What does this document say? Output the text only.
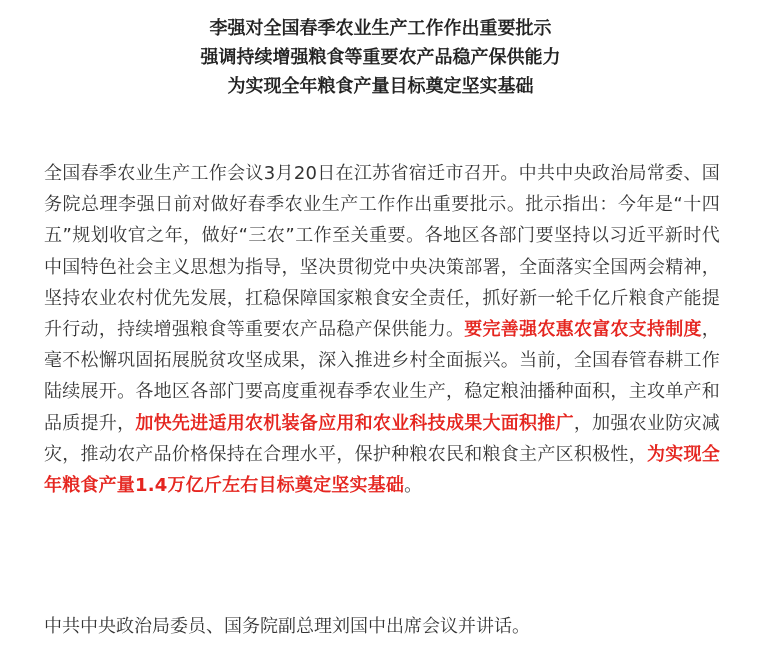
李强对全国春季农业生产工作作出重要批示
强调持续增强粮食等重要农产品稳产保供能力
为实现全年粮食产量目标奠定坚实基础
全国春季农业生产工作会议3月20日在江苏省宿迁市召开。中共中央政治局常委、国务院总理李强日前对做好春季农业生产工作作出重要批示。批示指出：今年是“十四五”规划收官之年，做好“三农”工作至关重要。各地区各部门要坚持以习近平新时代中国特色社会主义思想为指导，坚决贯彻党中央决策部署，全面落实全国两会精神，坚持农业农村优先发展，扛稳保障国家粮食安全责任，抓好新一轮千亿斤粮食产能提升行动，持续增强粮食等重要农产品稳产保供能力。要完善强农惠农富农支持制度，毫不松懈巩固拓展脱贫攻坚成果，深入推进乡村全面振兴。当前，全国春管春耕工作陆续展开。各地区各部门要高度重视春季农业生产，稳定粮油播种面积，主攻单产和品质提升，加快先进适用农机装备应用和农业科技成果大面积推广，加强农业防灾减灾，推动农产品价格保持在合理水平，保护种粮农民和粮食主产区积极性，为实现全年粮食产量1.4万亿斤左右目标奠定坚实基础。
中共中央政治局委员、国务院副总理刘国中出席会议并讲话。
